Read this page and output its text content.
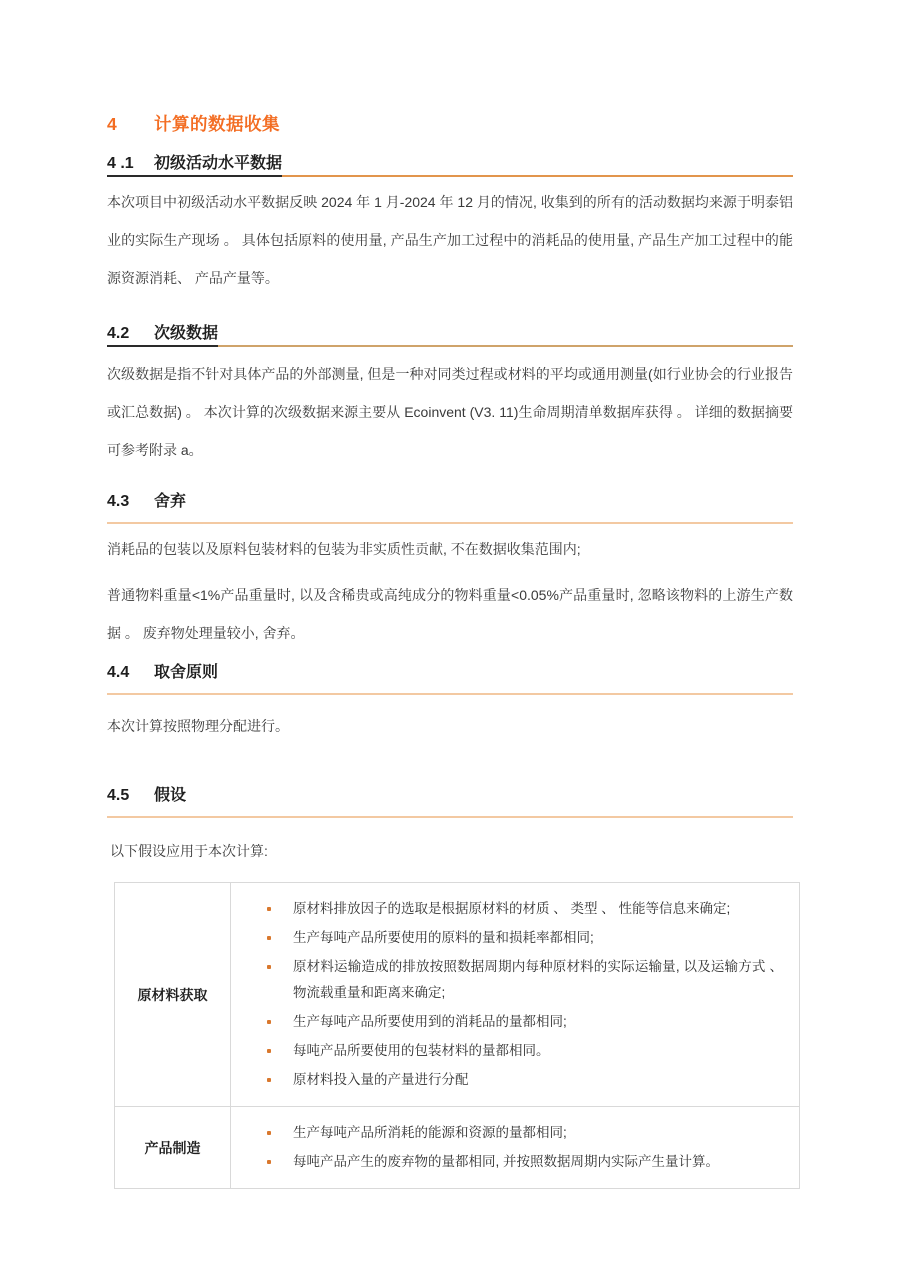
4	计算的数据收集
4 .1	初级活动水平数据

本次项目中初级活动水平数据反映 2024 年 1 月-2024 年 12 月的情况, 收集到的所有的活动数据均来源于明泰铝业的实际生产现场 。 具体包括原料的使用量, 产品生产加工过程中的消耗品的使用量, 产品生产加工过程中的能源资源消耗、 产品产量等。

4.2	次级数据

次级数据是指不针对具体产品的外部测量, 但是一种对同类过程或材料的平均或通用测量(如行业协会的行业报告或汇总数据) 。 本次计算的次级数据来源主要从 Ecoinvent (V3. 11)生命周期清单数据库获得 。 详细的数据摘要可参考附录 a。

4.3	舍弃

消耗品的包装以及原料包装材料的包装为非实质性贡献, 不在数据收集范围内;

普通物料重量<1%产品重量时, 以及含稀贵或高纯成分的物料重量<0.05%产品重量时, 忽略该物料的上游生产数据 。 废弃物处理量较小, 舍弃。

4.4	取舍原则

本次计算按照物理分配进行。

4.5	假设

以下假设应用于本次计算:

原材料获取	
原材料排放因子的选取是根据原材料的材质 、 类型 、 性能等信息来确定;
生产每吨产品所要使用的原料的量和损耗率都相同;
原材料运输造成的排放按照数据周期内每种原材料的实际运输量, 以及运输方式 、 物流载重量和距离来确定;
生产每吨产品所要使用到的消耗品的量都相同;
每吨产品所要使用的包装材料的量都相同。
原材料投入量的产量进行分配

产品制造	
生产每吨产品所消耗的能源和资源的量都相同;
每吨产品产生的废弃物的量都相同, 并按照数据周期内实际产生量计算。
